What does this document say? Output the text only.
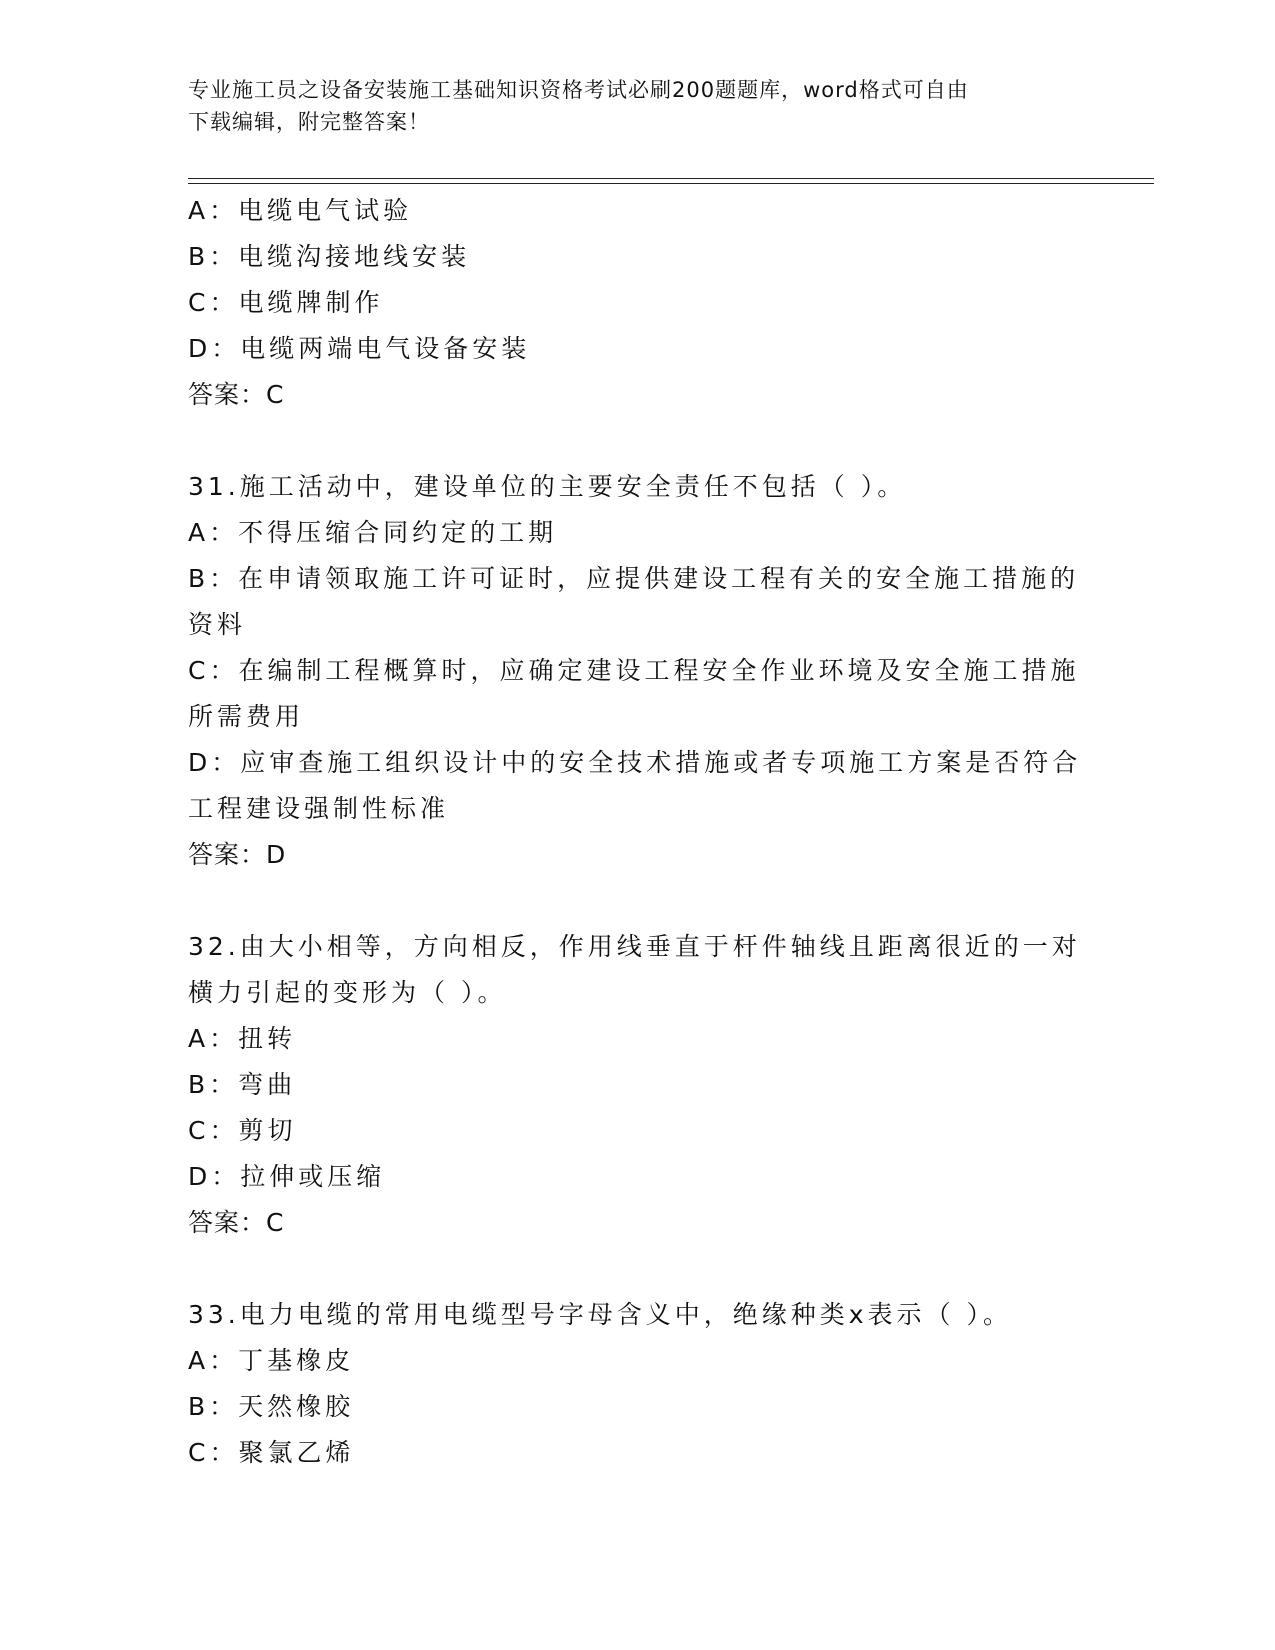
专业施工员之设备安装施工基础知识资格考试必刷200题题库，word格式可自由
下载编辑，附完整答案！
A：电缆电气试验
B：电缆沟接地线安装
C：电缆牌制作
D：电缆两端电气设备安装
答案：C
31.施工活动中，建设单位的主要安全责任不包括（ ）。
A：不得压缩合同约定的工期
B：在申请领取施工许可证时，应提供建设工程有关的安全施工措施的
资料
C：在编制工程概算时，应确定建设工程安全作业环境及安全施工措施
所需费用
D：应审查施工组织设计中的安全技术措施或者专项施工方案是否符合
工程建设强制性标准
答案：D
32.由大小相等，方向相反，作用线垂直于杆件轴线且距离很近的一对
横力引起的变形为（ ）。
A：扭转
B：弯曲
C：剪切
D：拉伸或压缩
答案：C
33.电力电缆的常用电缆型号字母含义中，绝缘种类x表示（ ）。
A：丁基橡皮
B：天然橡胶
C：聚氯乙烯
